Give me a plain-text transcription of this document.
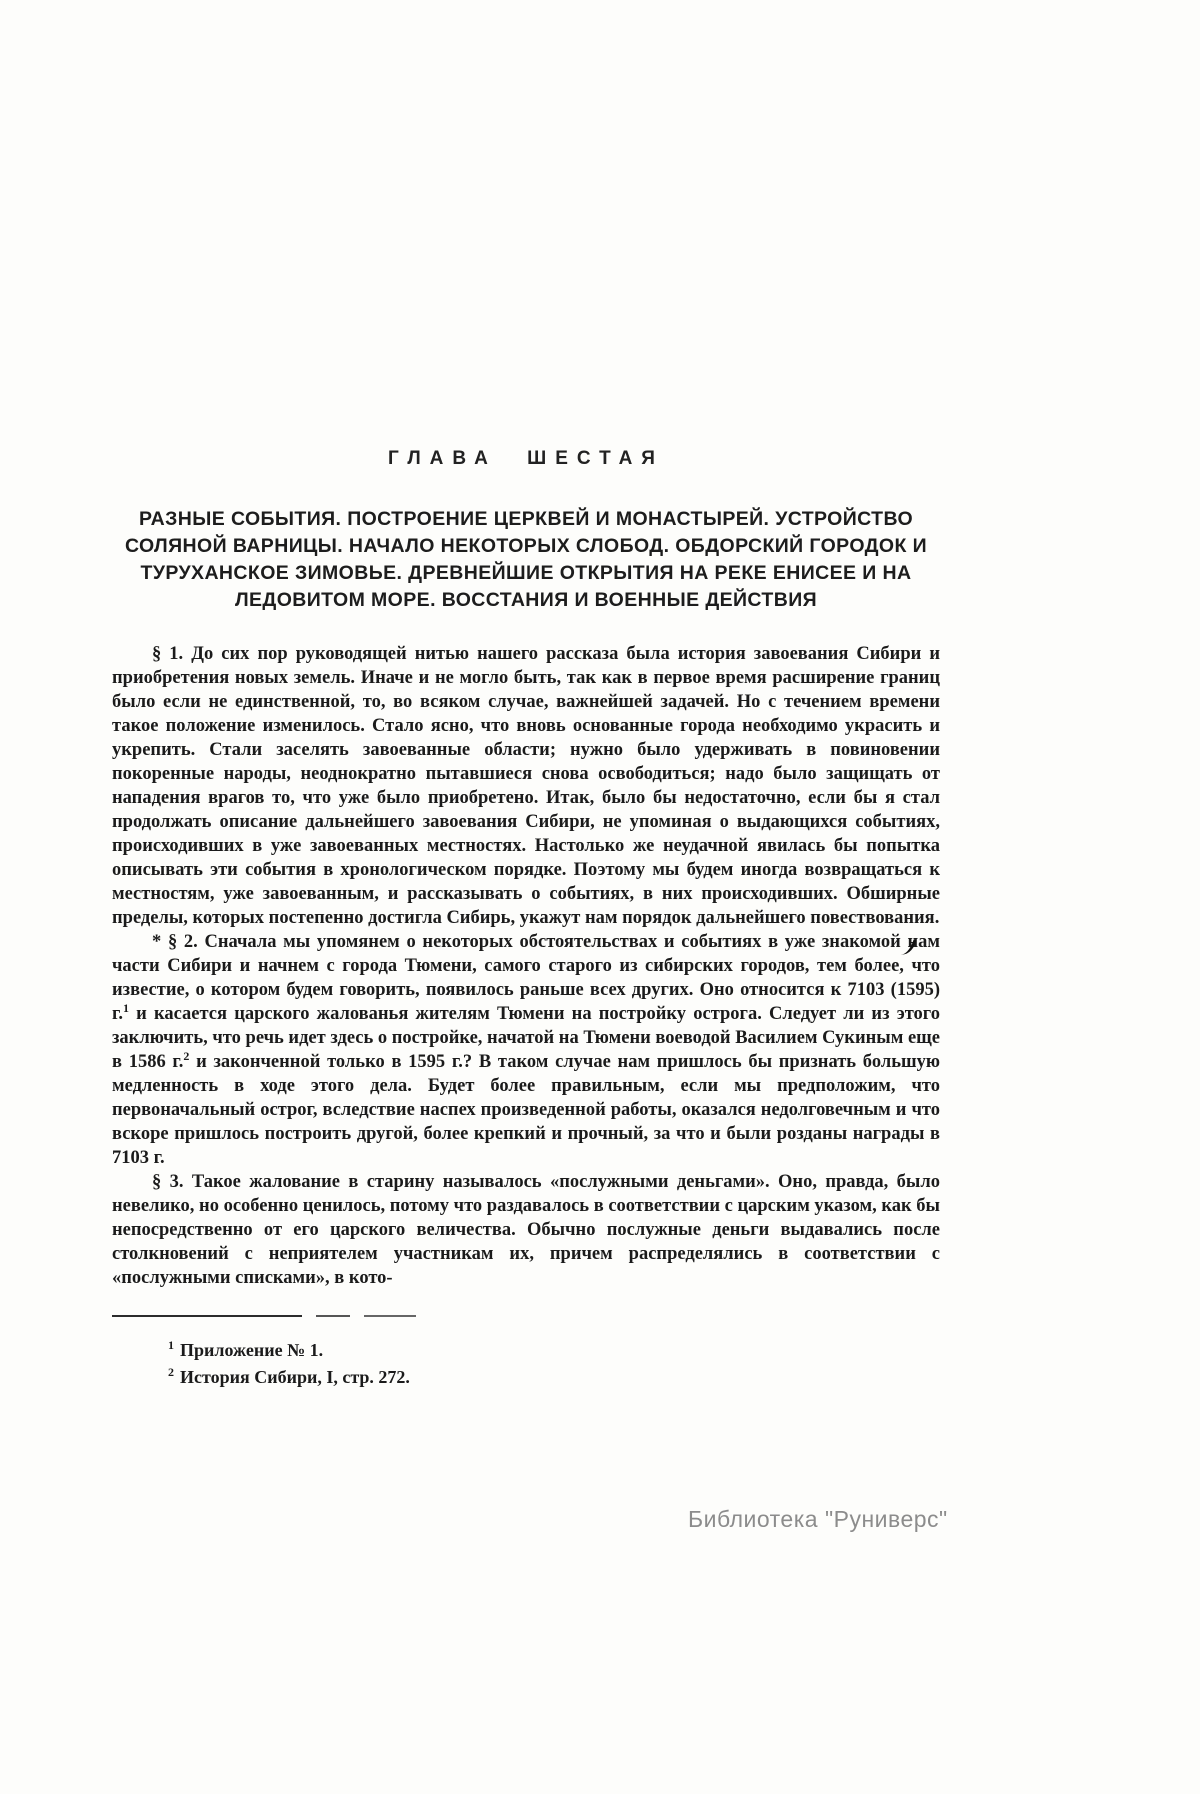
ГЛАВА ШЕСТАЯ
РАЗНЫЕ СОБЫТИЯ. ПОСТРОЕНИЕ ЦЕРКВЕЙ И МОНАСТЫРЕЙ. УСТРОЙСТВО СОЛЯНОЙ ВАРНИЦЫ. НАЧАЛО НЕКОТОРЫХ СЛОБОД. ОБДОРСКИЙ ГОРОДОК И ТУРУХАНСКОЕ ЗИМОВЬЕ. ДРЕВНЕЙШИЕ ОТКРЫТИЯ НА РЕКЕ ЕНИСЕЕ И НА ЛЕДОВИТОМ МОРЕ. ВОССТАНИЯ И ВОЕННЫЕ ДЕЙСТВИЯ

§ 1. До сих пор руководящей нитью нашего рассказа была история завоевания Сибири и приобретения новых земель. Иначе и не могло быть, так как в первое время расширение границ было если не единственной, то, во всяком случае, важнейшей задачей. Но с течением времени такое положение изменилось. Стало ясно, что вновь основанные города необходимо украсить и укрепить. Стали заселять завоеванные области; нужно было удерживать в повиновении покоренные народы, неоднократно пытавшиеся снова освободиться; надо было защищать от нападения врагов то, что уже было приобретено. Итак, было бы недостаточно, если бы я стал продолжать описание дальнейшего завоевания Сибири, не упоминая о выдающихся событиях, происходивших в уже завоеванных местностях. Настолько же неудачной явилась бы попытка описывать эти события в хронологическом порядке. Поэтому мы будем иногда возвращаться к местностям, уже завоеванным, и рассказывать о событиях, в них происходивших. Обширные пределы, которых постепенно достигла Сибирь, укажут нам порядок дальнейшего повествования.

* § 2. Сначала мы упомянем о некоторых обстоятельствах и событиях в уже знакомой нам части Сибири и начнем с города Тюмени, самого старого из сибирских городов, тем более, что известие, о котором будем говорить, появилось раньше всех других. Оно относится к 7103 (1595) г.$^1$ и касается царского жалованья жителям Тюмени на постройку острога. Следует ли из этого заключить, что речь идет здесь о постройке, начатой на Тюмени воеводой Василием Сукиным еще в 1586 г.$^2$ и законченной только в 1595 г.? В таком случае нам пришлось бы признать большую медленность в ходе этого дела. Будет более правильным, если мы предположим, что первоначальный острог, вследствие наспех произведенной работы, оказался недолговечным и что вскоре пришлось построить другой, более крепкий и прочный, за что и были розданы награды в 7103 г.

§ 3. Такое жалование в старину называлось «послужными деньгами». Оно, правда, было невелико, но особенно ценилось, потому что раздавалось в соответствии с царским указом, как бы непосредственно от его царского величества. Обычно послужные деньги выдавались после столкновений с неприятелем участникам их, причем распределялись в соответствии с «послужными списками», в кото-

$^1$ Приложение № 1.
$^2$ История Сибири, I, стр. 272.
Библиотека "Руниверс"
